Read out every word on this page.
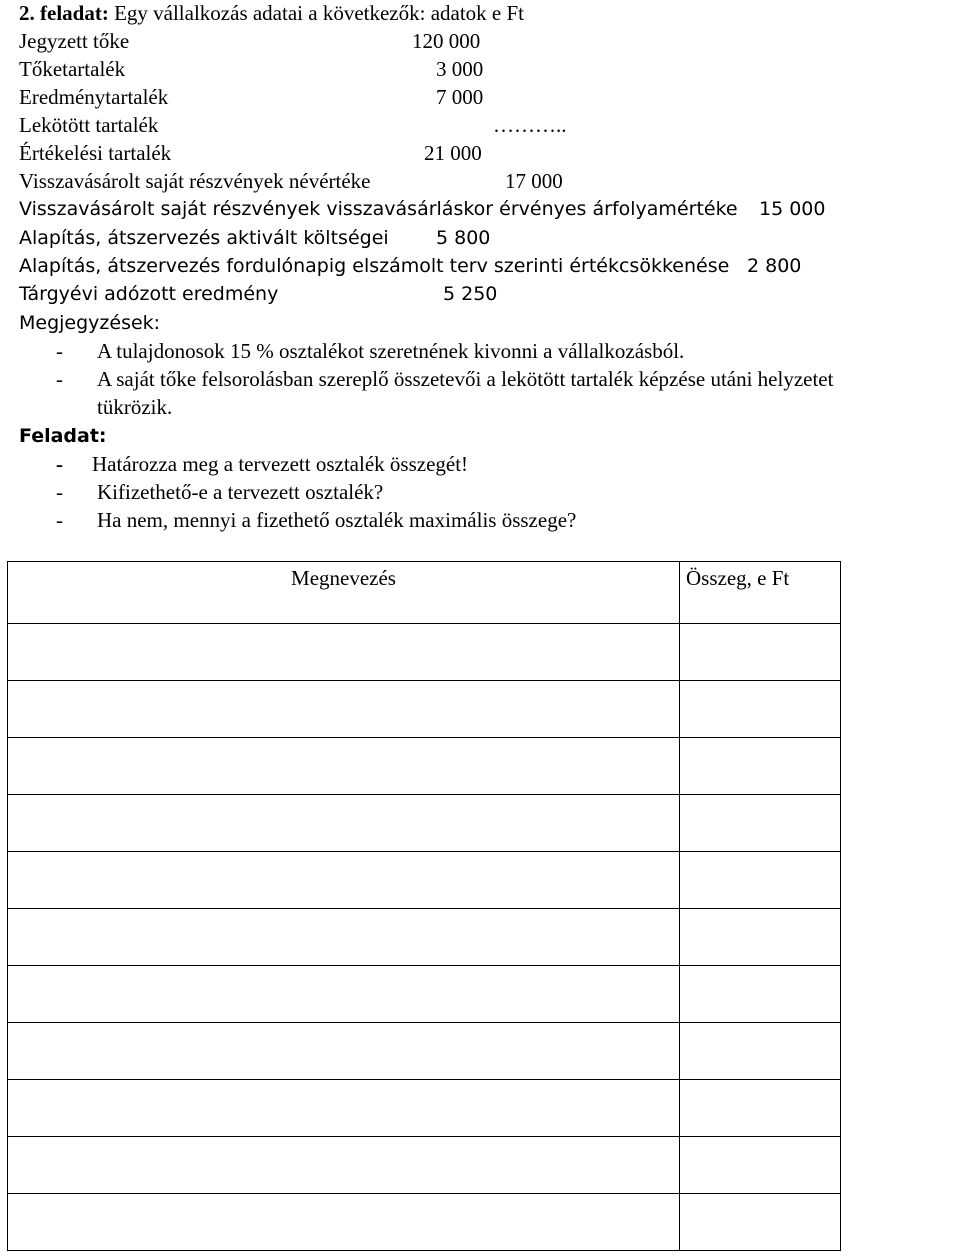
2. feladat: Egy vállalkozás adatai a következők: adatok e Ft
Jegyzett tőke	120 000
Tőketartalék	3 000
Eredménytartalék	7 000
Lekötött tartalék	………..
Értékelési tartalék	21 000
Visszavásárolt saját részvények névértéke	17 000
Visszavásárolt saját részvények visszavásárláskor érvényes árfolyamértéke 15 000
Alapítás, átszervezés aktivált költségei 5 800
Alapítás, átszervezés fordulónapig elszámolt terv szerinti értékcsökkenése 2 800
Tárgyévi adózott eredmény	5 250
Megjegyzések:
- A tulajdonosok 15 % osztalékot szeretnének kivonni a vállalkozásból.
- A saját tőke felsorolásban szereplő összetevői a lekötött tartalék képzése utáni helyzetet
tükrözik.
Feladat:
- Határozza meg a tervezett osztalék összegét!
- Kifizethető-e a tervezett osztalék?
- Ha nem, mennyi a fizethető osztalék maximális összege?
Megnevezés	Összeg, e Ft
